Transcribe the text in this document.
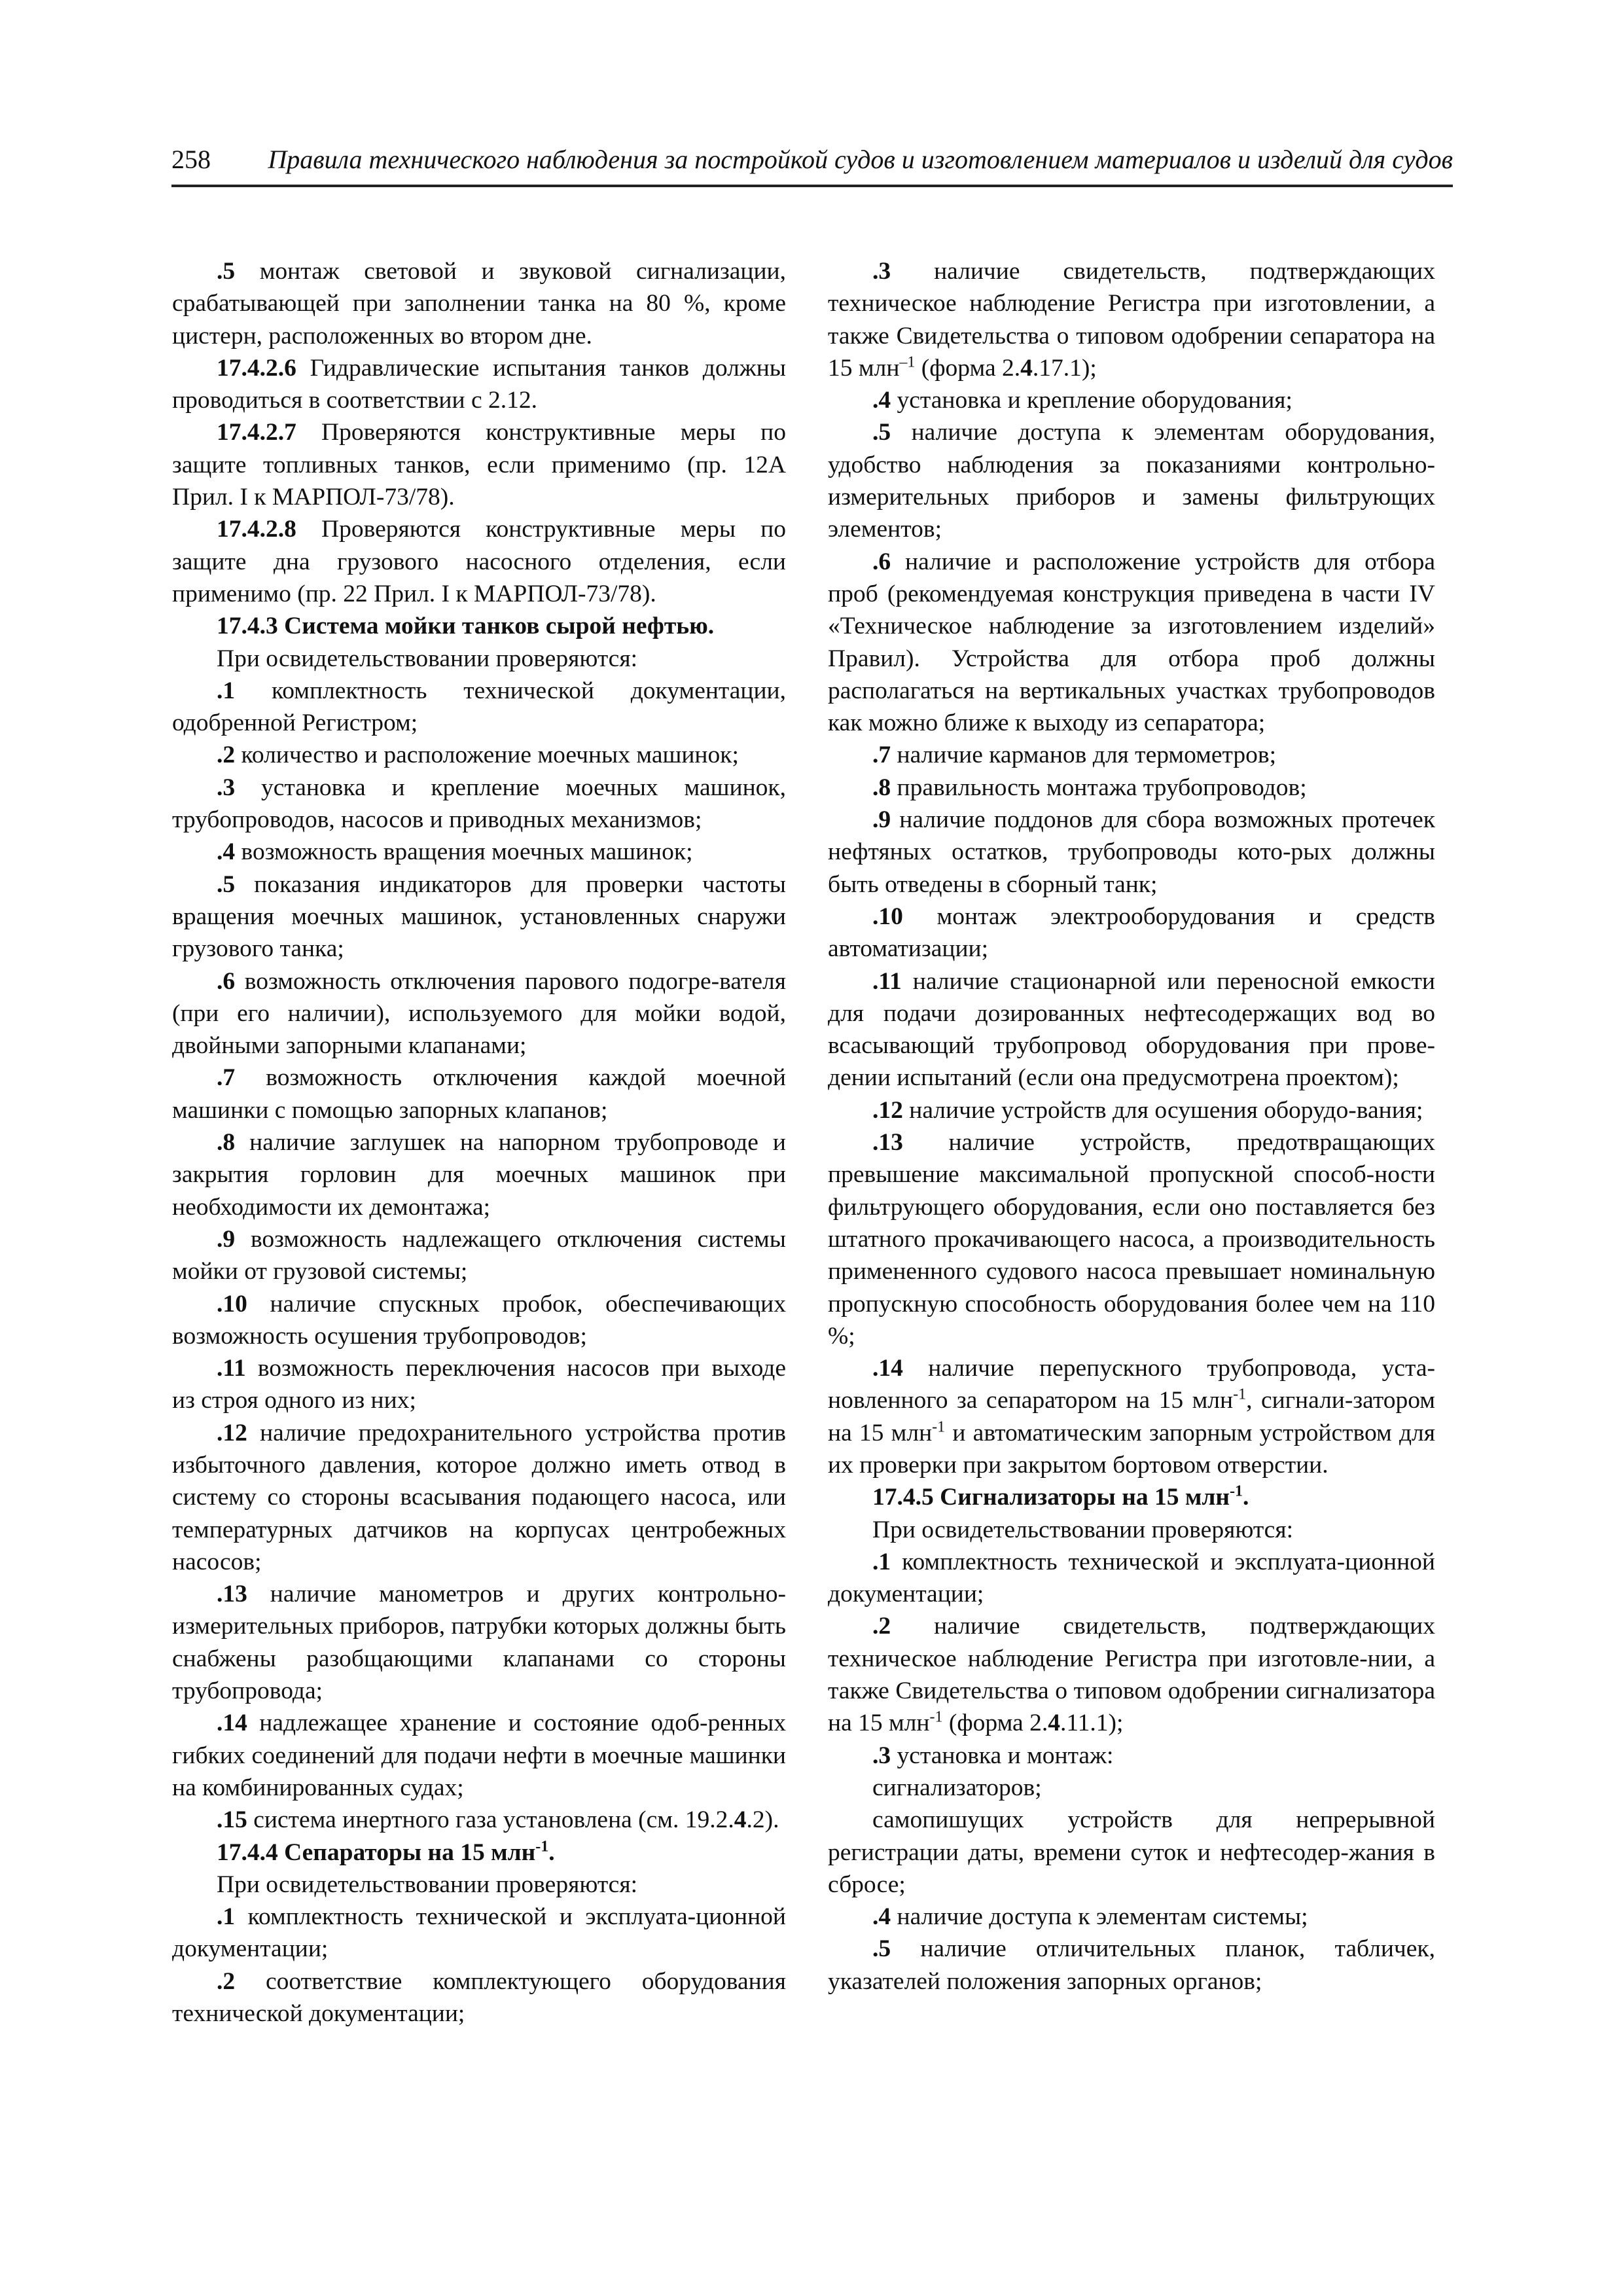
258 Правила технического наблюдения за постройкой судов и изготовлением материалов и изделий для судов

.5 монтаж световой и звуковой сигнализации, срабатывающей при заполнении танка на 80 %, кроме цистерн, расположенных во втором дне.

17.4.2.6 Гидравлические испытания танков должны проводиться в соответствии с 2.12.

17.4.2.7 Проверяются конструктивные меры по защите топливных танков, если применимо (пр. 12А Прил. I к МАРПОЛ-73/78).

17.4.2.8 Проверяются конструктивные меры по защите дна грузового насосного отделения, если применимо (пр. 22 Прил. I к МАРПОЛ-73/78).

17.4.3 Система мойки танков сырой нефтью.

При освидетельствовании проверяются:

.1 комплектность технической документации, одобренной Регистром;

.2 количество и расположение моечных машинок;

.3 установка и крепление моечных машинок, трубопроводов, насосов и приводных механизмов;

.4 возможность вращения моечных машинок;

.5 показания индикаторов для проверки частоты вращения моечных машинок, установленных снаружи грузового танка;

.6 возможность отключения парового подогре-вателя (при его наличии), используемого для мойки водой, двойными запорными клапанами;

.7 возможность отключения каждой моечной машинки с помощью запорных клапанов;

.8 наличие заглушек на напорном трубопроводе и закрытия горловин для моечных машинок при необходимости их демонтажа;

.9 возможность надлежащего отключения системы мойки от грузовой системы;

.10 наличие спускных пробок, обеспечивающих возможность осушения трубопроводов;

.11 возможность переключения насосов при выходе из строя одного из них;

.12 наличие предохранительного устройства против избыточного давления, которое должно иметь отвод в систему со стороны всасывания подающего насоса, или температурных датчиков на корпусах центробежных насосов;

.13 наличие манометров и других контрольно-измерительных приборов, патрубки которых должны быть снабжены разобщающими клапанами со стороны трубопровода;

.14 надлежащее хранение и состояние одоб-ренных гибких соединений для подачи нефти в моечные машинки на комбинированных судах;

.15 система инертного газа установлена (см. 19.2.4.2).

17.4.4 Сепараторы на 15 млн$^{-1}$.

При освидетельствовании проверяются:

.1 комплектность технической и эксплуата-ционной документации;

.2 соответствие комплектующего оборудования технической документации;

.3 наличие свидетельств, подтверждающих техническое наблюдение Регистра при изготовлении, а также Свидетельства о типовом одобрении сепаратора на 15 млн$^{-1}$ (форма 2.4.17.1);

.4 установка и крепление оборудования;

.5 наличие доступа к элементам оборудования, удобство наблюдения за показаниями контрольно-измерительных приборов и замены фильтрующих элементов;

.6 наличие и расположение устройств для отбора проб (рекомендуемая конструкция приведена в части IV «Техническое наблюдение за изготовлением изделий» Правил). Устройства для отбора проб должны располагаться на вертикальных участках трубопроводов как можно ближе к выходу из сепаратора;

.7 наличие карманов для термометров;

.8 правильность монтажа трубопроводов;

.9 наличие поддонов для сбора возможных протечек нефтяных остатков, трубопроводы кото-рых должны быть отведены в сборный танк;

.10 монтаж электрооборудования и средств автоматизации;

.11 наличие стационарной или переносной емкости для подачи дозированных нефтесодержащих вод во всасывающий трубопровод оборудования при прове-дении испытаний (если она предусмотрена проектом);

.12 наличие устройств для осушения оборудо-вания;

.13 наличие устройств, предотвращающих превышение максимальной пропускной способ-ности фильтрующего оборудования, если оно поставляется без штатного прокачивающего насоса, а производительность примененного судового насоса превышает номинальную пропускную способность оборудования более чем на 110 %;

.14 наличие перепускного трубопровода, уста-новленного за сепаратором на 15 млн$^{-1}$, сигнали-затором на 15 млн$^{-1}$ и автоматическим запорным устройством для их проверки при закрытом бортовом отверстии.

17.4.5 Сигнализаторы на 15 млн$^{-1}$.

При освидетельствовании проверяются:

.1 комплектность технической и эксплуата-ционной документации;

.2 наличие свидетельств, подтверждающих техническое наблюдение Регистра при изготовле-нии, а также Свидетельства о типовом одобрении сигнализатора на 15 млн$^{-1}$ (форма 2.4.11.1);

.3 установка и монтаж:

сигнализаторов;

самопишущих устройств для непрерывной регистрации даты, времени суток и нефтесодер-жания в сбросе;

.4 наличие доступа к элементам системы;

.5 наличие отличительных планок, табличек, указателей положения запорных органов;
